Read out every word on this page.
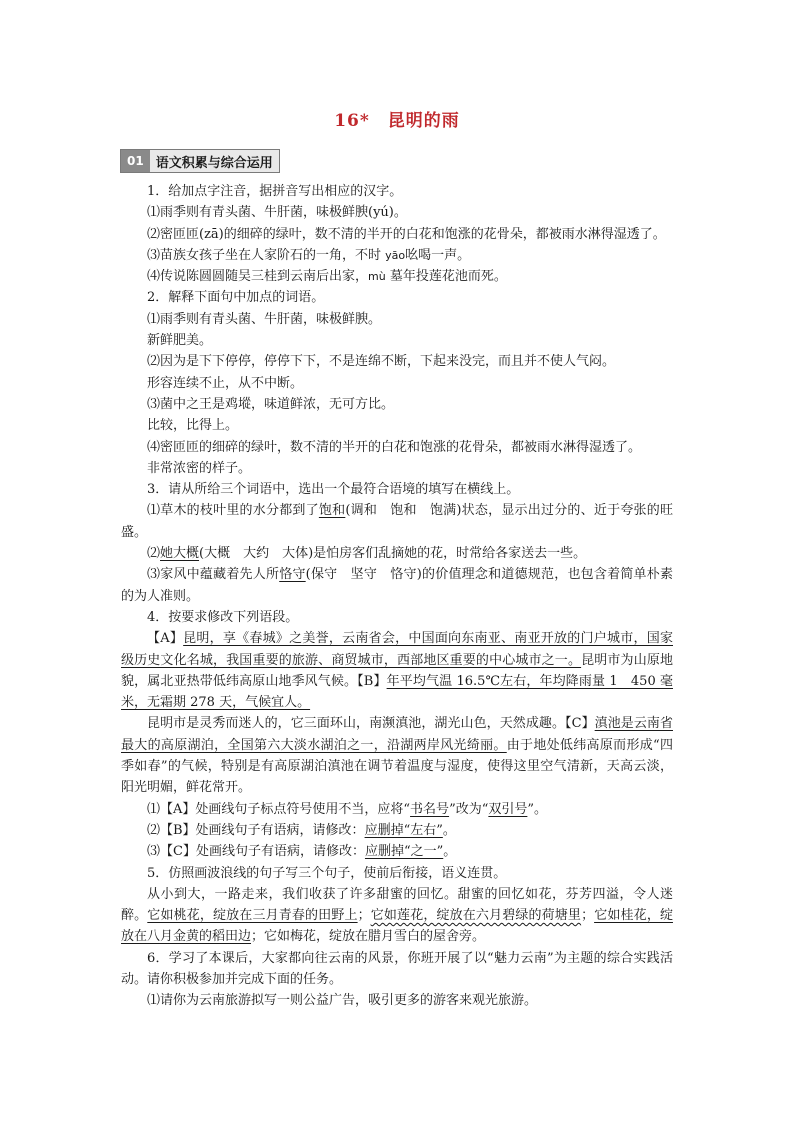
16*　昆明的雨
01 语文积累与综合运用

1．给加点字注音，据拼音写出相应的汉字。

⑴雨季则有青头菌、牛肝菌，味极鲜腴(yú)。

⑵密匝匝(zā)的细碎的绿叶，数不清的半开的白花和饱涨的花骨朵，都被雨水淋得湿透了。

⑶苗族女孩子坐在人家阶石的一角，不时 yāo吆喝一声。

⑷传说陈圆圆随吴三桂到云南后出家，mù 墓年投莲花池而死。

2．解释下面句中加点的词语。

⑴雨季则有青头菌、牛肝菌，味极鲜腴。

新鲜肥美。

⑵因为是下下停停，停停下下，不是连绵不断，下起来没完，而且并不使人气闷。

形容连续不止，从不中断。

⑶菌中之王是鸡㙡，味道鲜浓，无可方比。

比较，比得上。

⑷密匝匝的细碎的绿叶，数不清的半开的白花和饱涨的花骨朵，都被雨水淋得湿透了。

非常浓密的样子。

3．请从所给三个词语中，选出一个最符合语境的填写在横线上。

⑴草木的枝叶里的水分都到了饱和(调和　饱和　饱满)状态，显示出过分的、近于夸张的旺盛。

⑵她大概(大概　大约　大体)是怕房客们乱摘她的花，时常给各家送去一些。

⑶家风中蕴藏着先人所恪守(保守　坚守　恪守)的价值理念和道德规范，也包含着简单朴素的为人准则。

4．按要求修改下列语段。

【A】昆明，享《春城》之美誉，云南省会，中国面向东南亚、南亚开放的门户城市，国家级历史文化名城，我国重要的旅游、商贸城市，西部地区重要的中心城市之一。昆明市为山原地貌，属北亚热带低纬高原山地季风气候。【B】年平均气温 16.5℃左右，年均降雨量 1　450 毫米，无霜期 278 天，气候宜人。

昆明市是灵秀而迷人的，它三面环山，南濒滇池，湖光山色，天然成趣。【C】滇池是云南省最大的高原湖泊，全国第六大淡水湖泊之一，沿湖两岸风光绮丽。由于地处低纬高原而形成“四季如春”的气候，特别是有高原湖泊滇池在调节着温度与湿度，使得这里空气清新，天高云淡，阳光明媚，鲜花常开。

⑴【A】处画线句子标点符号使用不当，应将“书名号”改为“双引号”。

⑵【B】处画线句子有语病，请修改：应删掉“左右”。

⑶【C】处画线句子有语病，请修改：应删掉“之一”。

5．仿照画波浪线的句子写三个句子，使前后衔接，语义连贯。

从小到大，一路走来，我们收获了许多甜蜜的回忆。甜蜜的回忆如花，芬芳四溢，令人迷醉。它如桃花，绽放在三月青春的田野上；它如莲花，绽放在六月碧绿的荷塘里；它如桂花，绽放在八月金黄的稻田边；它如梅花，绽放在腊月雪白的屋舍旁。

6．学习了本课后，大家都向往云南的风景，你班开展了以“魅力云南”为主题的综合实践活动。请你积极参加并完成下面的任务。

⑴请你为云南旅游拟写一则公益广告，吸引更多的游客来观光旅游。
